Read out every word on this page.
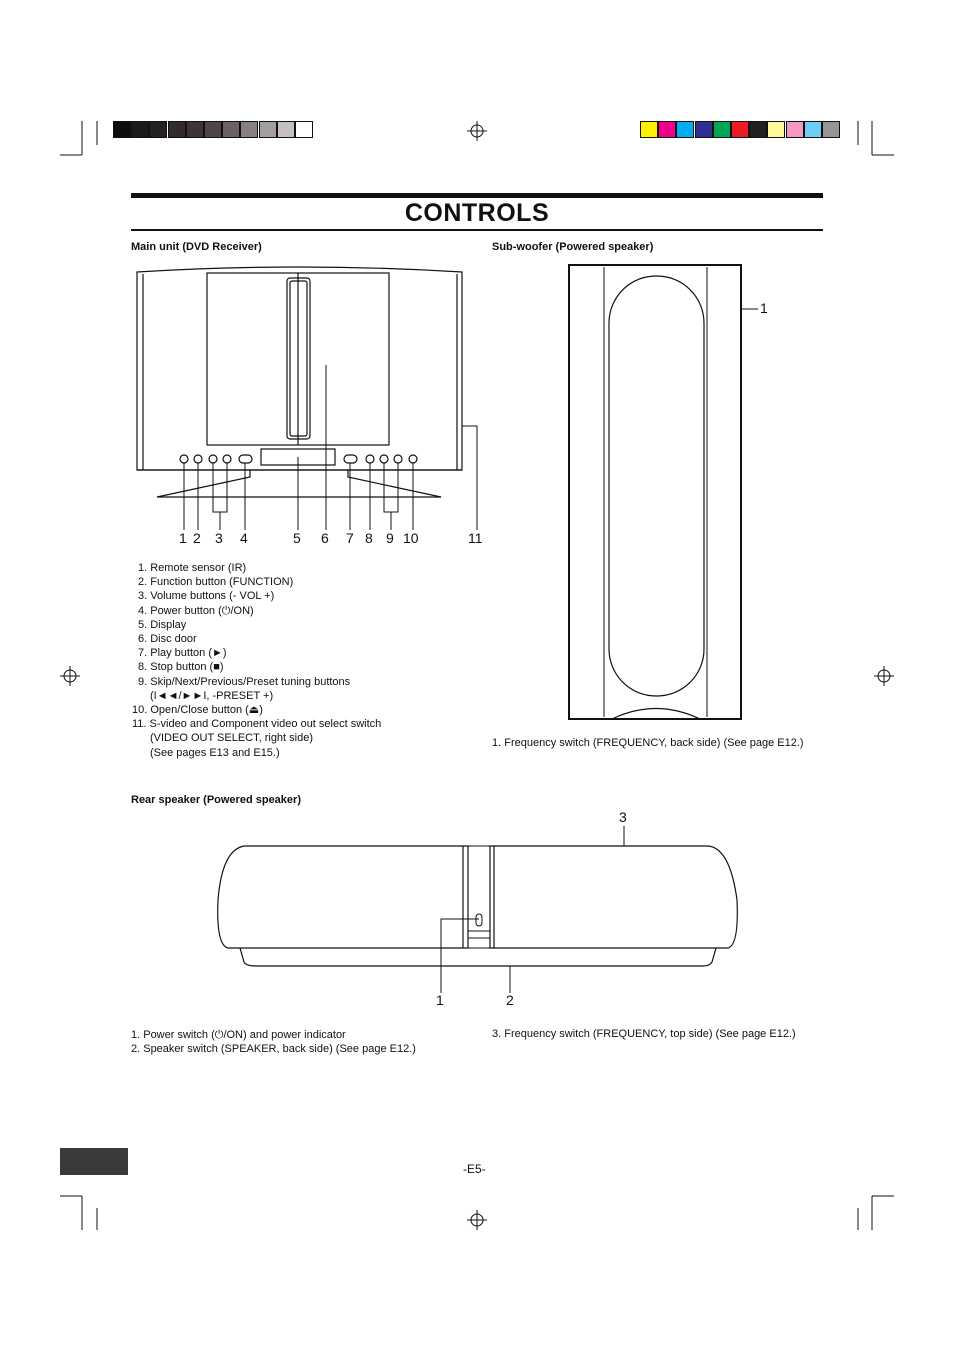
CONTROLS
Main unit (DVD Receiver)	Sub-woofer (Powered speaker)
Rear speaker (Powered speaker)
1 2 3 4	5 6 7 8 9 10	11
1. Remote sensor (IR)
2. Function button (FUNCTION)
3. Volume buttons (- VOL +)
4. Power button (⏻/ON)
5. Display
6. Disc door
7. Play button (►)
8. Stop button (■)
9. Skip/Next/Previous/Preset tuning buttons
(I◄◄/►►I, -PRESET +)
10. Open/Close button (⏏)
11. S-video and Component video out select switch
(VIDEO OUT SELECT, right side)
(See pages E13 and E15.)
1
1. Frequency switch (FREQUENCY, back side) (See page E12.)
3
1	2
1. Power switch (⏻/ON) and power indicator
2. Speaker switch (SPEAKER, back side) (See page E12.)
3. Frequency switch (FREQUENCY, top side) (See page E12.)
-E5-
